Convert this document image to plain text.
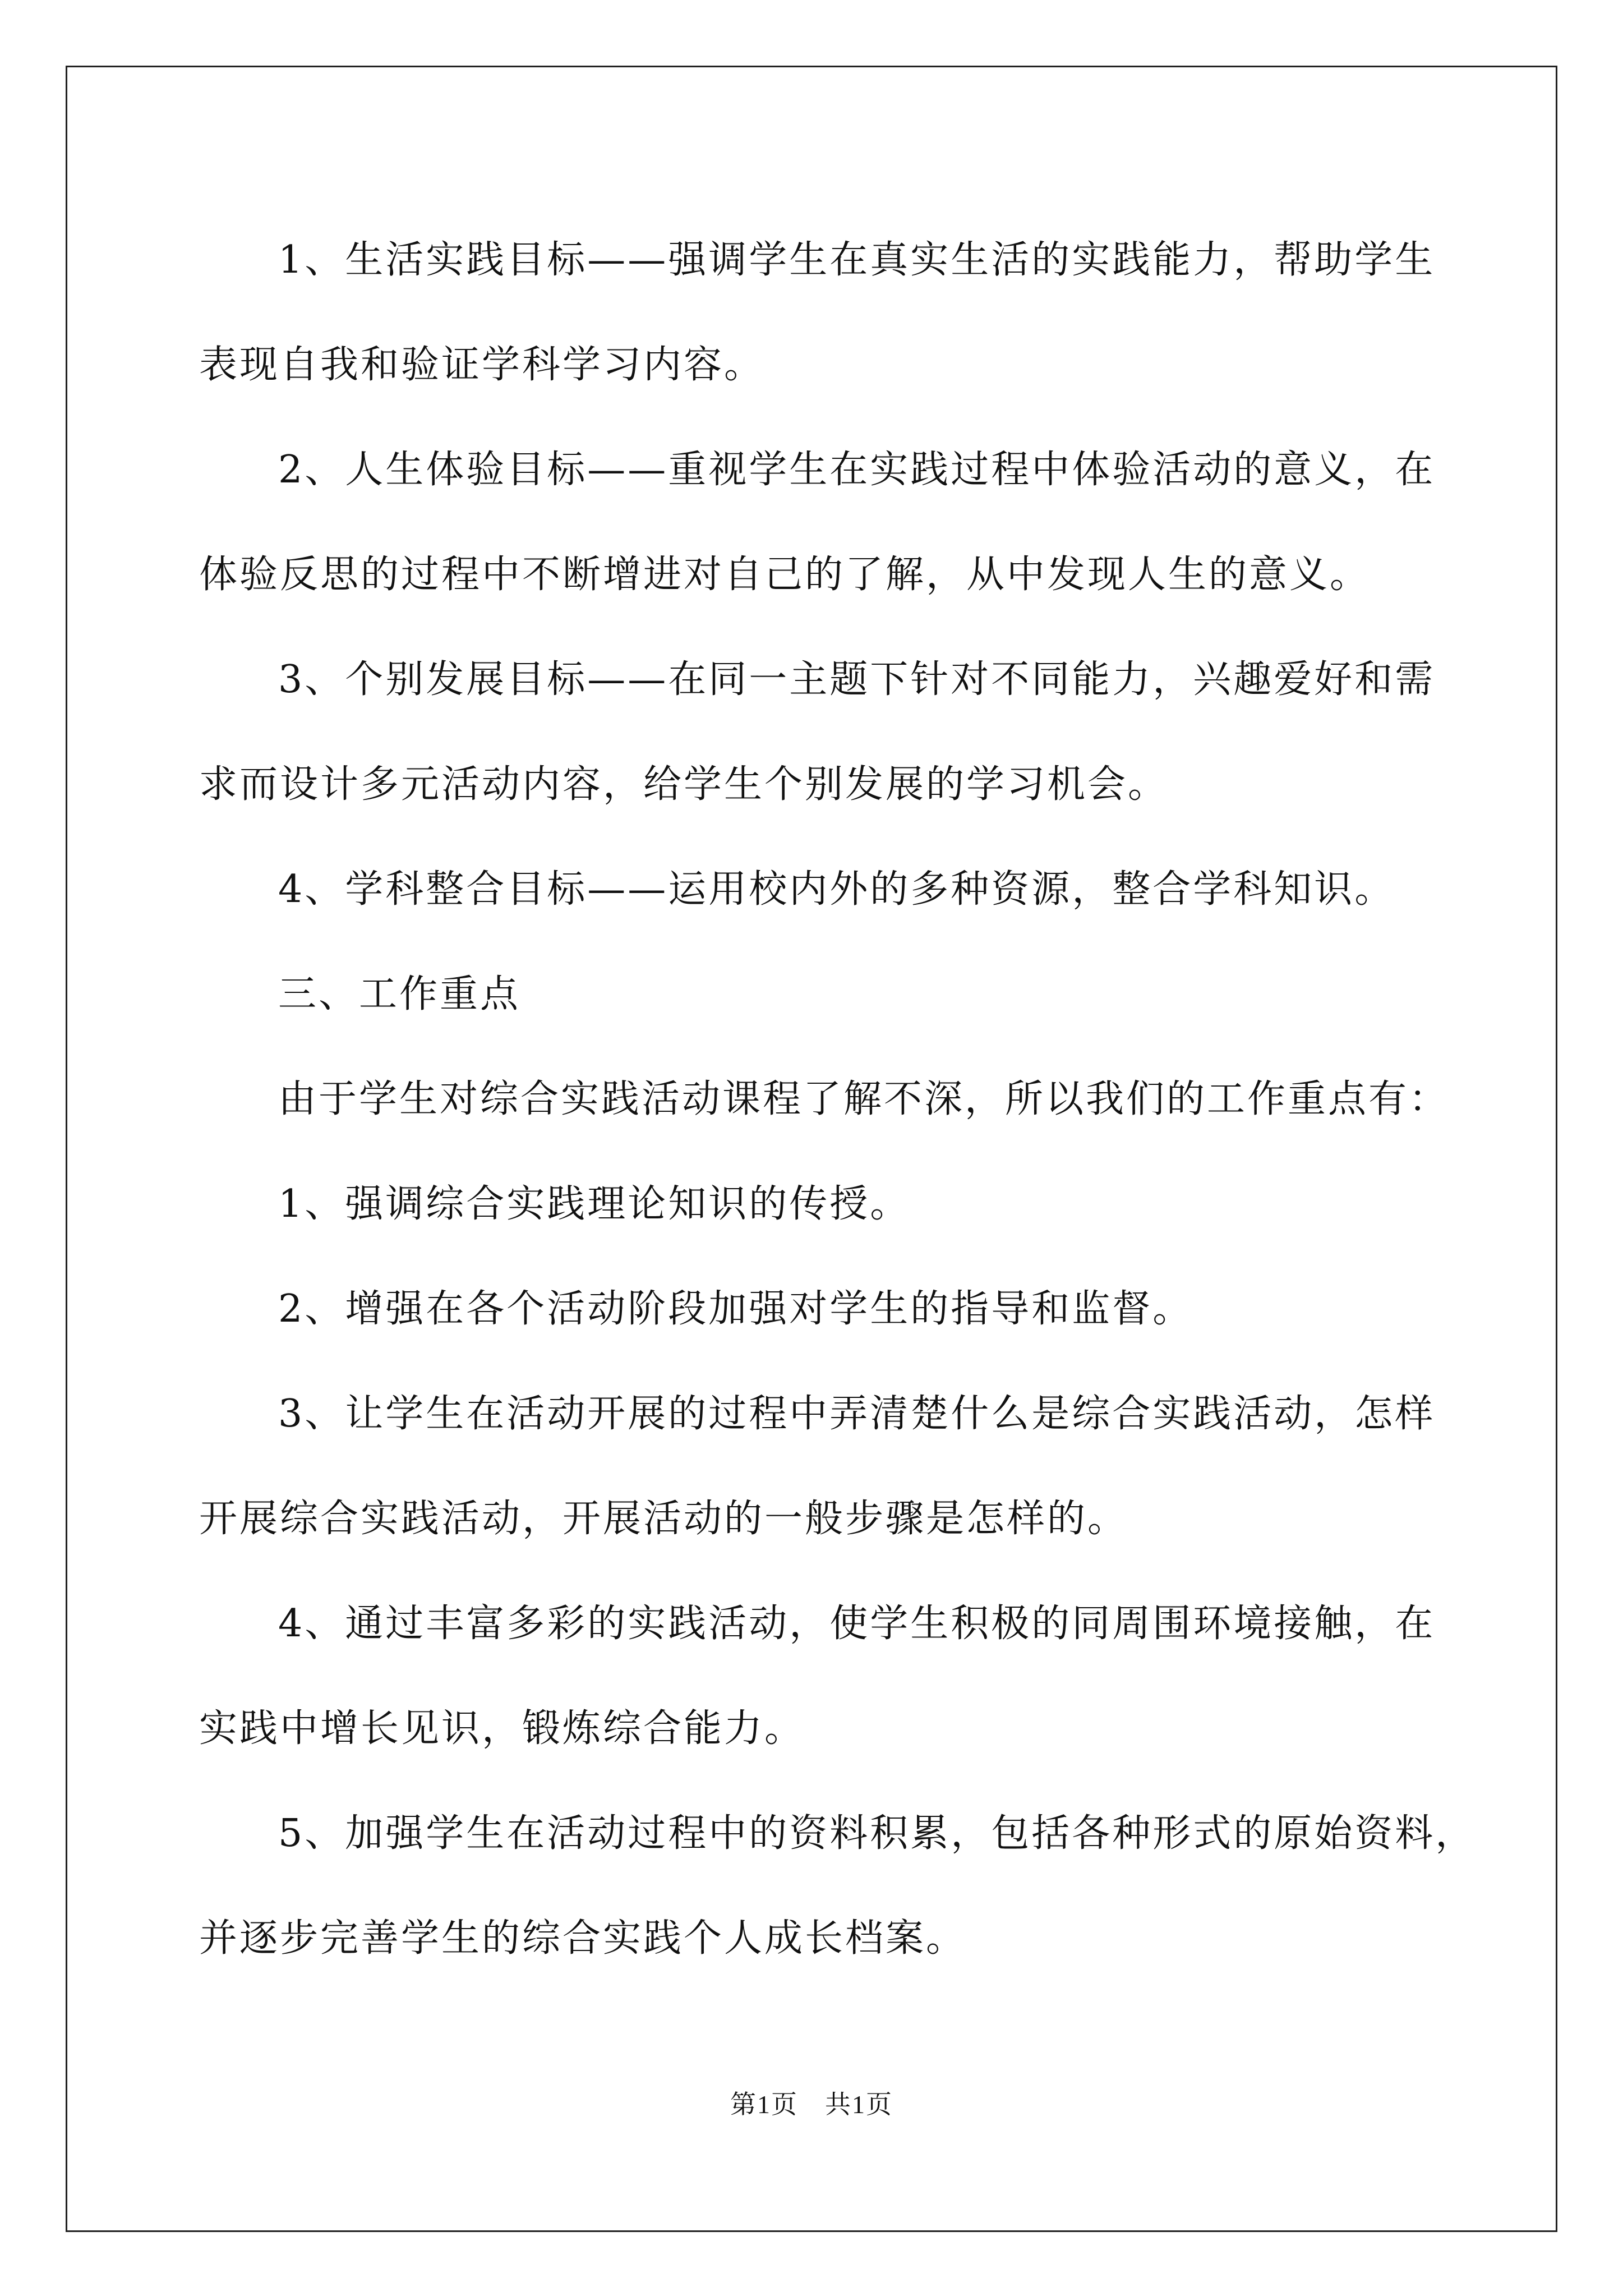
1、生活实践目标——强调学生在真实生活的实践能力，帮助学生

表现自我和验证学科学习内容。

2、人生体验目标——重视学生在实践过程中体验活动的意义，在

体验反思的过程中不断增进对自己的了解，从中发现人生的意义。

3、个别发展目标——在同一主题下针对不同能力，兴趣爱好和需

求而设计多元活动内容，给学生个别发展的学习机会。

4、学科整合目标——运用校内外的多种资源，整合学科知识。

三、工作重点

由于学生对综合实践活动课程了解不深，所以我们的工作重点有：

1、强调综合实践理论知识的传授。

2、增强在各个活动阶段加强对学生的指导和监督。

3、让学生在活动开展的过程中弄清楚什么是综合实践活动，怎样

开展综合实践活动，开展活动的一般步骤是怎样的。

4、通过丰富多彩的实践活动，使学生积极的同周围环境接触，在

实践中增长见识，锻炼综合能力。

5、加强学生在活动过程中的资料积累，包括各种形式的原始资料，

并逐步完善学生的综合实践个人成长档案。

第1页 共1页
